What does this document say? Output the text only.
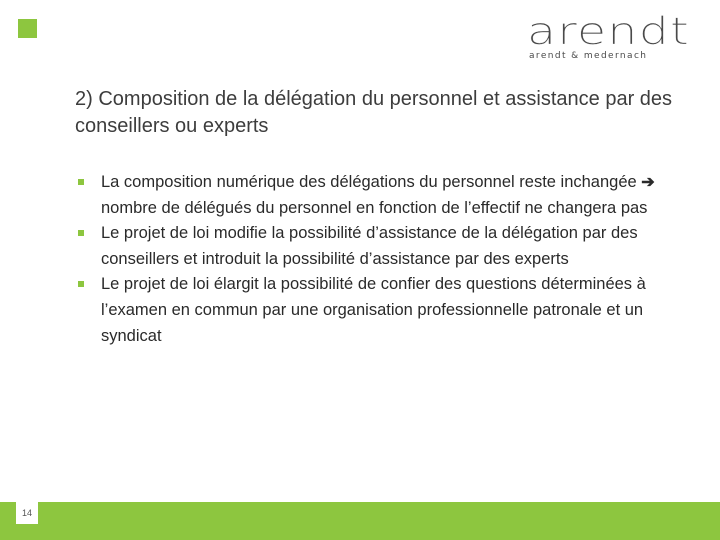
arendt
arendt & medernach
2) Composition de la délégation du personnel et assistance par des conseillers ou experts
La composition numérique des délégations du personnel reste inchangée ➔ nombre de délégués du personnel en fonction de l’effectif ne changera pas
Le projet de loi modifie la possibilité d’assistance de la délégation par des conseillers et introduit la possibilité d’assistance par des experts
Le projet de loi élargit la possibilité de confier des questions déterminées à l’examen en commun par une organisation professionnelle patronale et un syndicat
14
